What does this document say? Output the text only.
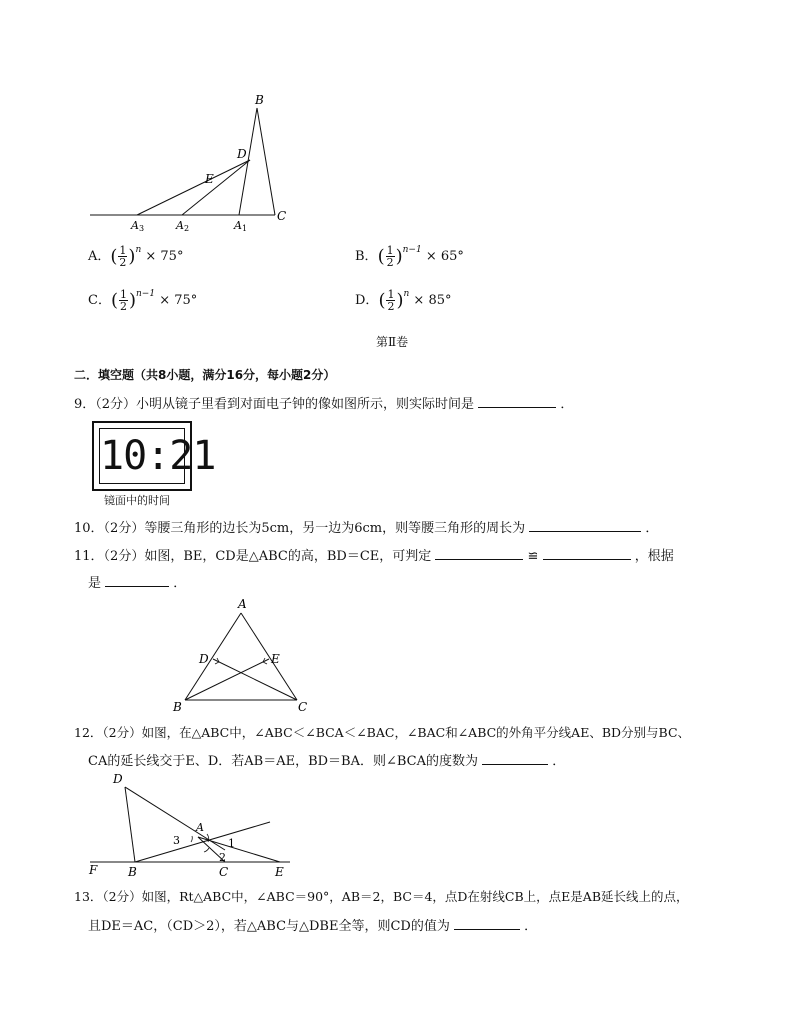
B
D
E
C
A 3	A 2	A 1
A．( $\frac{1}{2} )^n \times 75^\circ$	B．( $\frac{1}{2} )^{n-1} \times 65^\circ$
C．( $\frac{1}{2} )^{n-1} \times 75^\circ$	D．( $\frac{1}{2} )^n \times 85^\circ$
第Ⅱ卷
二．填空题（共8小题，满分16分，每小题2分）
9．（2分）小明从镜子里看到对面电子钟的像如图所示，则实际时间是	．
10:21
镜面中的时间
10．（2分）等腰三角形的边长为5cm，另一边为6cm，则等腰三角形的周长为	．
11．（2分）如图，BE，CD是△ABC的高，BD＝CE，可判定	≌	，根据
是	．
A
B	C
D	E
12．（2分）如图，在△ABC中，∠ABC＜∠BCA＜∠BAC，∠BAC和∠ABC的外角平分线AE、BD分别与BC、
CA的延长线交于E、D．若AB＝AE，BD＝BA．则∠BCA的度数为	．
D
A
B	C	E
F
1
2
3
13．（2分）如图，Rt△ABC中，∠ABC＝90°，AB＝2，BC＝4，点D在射线CB上，点E是AB延长线上的点，
且DE＝AC，（CD＞2），若△ABC与△DBE全等，则CD的值为	．
